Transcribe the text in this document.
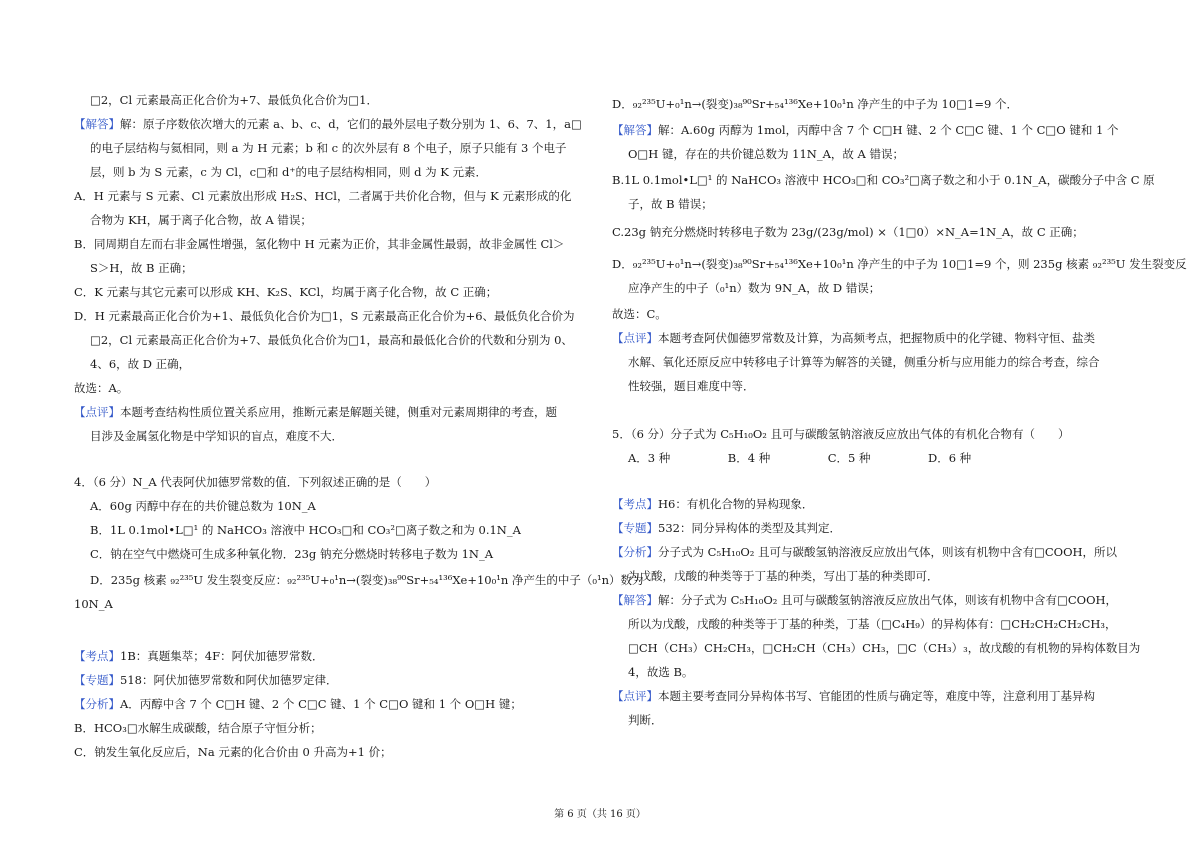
□2，Cl 元素最高正化合价为+7、最低负化合价为□1．
【解答】解：原子序数依次增大的元素 a、b、c、d，它们的最外层电子数分别为 1、6、7、1，a□
的电子层结构与氦相同，则 a 为 H 元素；b 和 c 的次外层有 8 个电子，原子只能有 3 个电子
层，则 b 为 S 元素，c 为 Cl，c□和 d⁺的电子层结构相同，则 d 为 K 元素．
A．H 元素与 S 元素、Cl 元素放出形成 H₂S、HCl，二者属于共价化合物，但与 K 元素形成的化
合物为 KH，属于离子化合物，故 A 错误；
B．同周期自左而右非金属性增强，氢化物中 H 元素为正价，其非金属性最弱，故非金属性 Cl＞
S＞H，故 B 正确；
C．K 元素与其它元素可以形成 KH、K₂S、KCl，均属于离子化合物，故 C 正确；
D．H 元素最高正化合价为+1、最低负化合价为□1，S 元素最高正化合价为+6、最低负化合价为
□2，Cl 元素最高正化合价为+7、最低负化合价为□1，最高和最低化合价的代数和分别为 0、
4、6，故 D 正确，
故选：A。
【点评】本题考查结构性质位置关系应用，推断元素是解题关键，侧重对元素周期律的考查，题
目涉及金属氢化物是中学知识的盲点，难度不大．
4．（6 分）N_A 代表阿伏加德罗常数的值．下列叙述正确的是（　　）
A．60g 丙醇中存在的共价键总数为 10N_A
B．1L 0.1mol•L□¹ 的 NaHCO₃ 溶液中 HCO₃□和 CO₃²□离子数之和为 0.1N_A
C．钠在空气中燃烧可生成多种氧化物．23g 钠充分燃烧时转移电子数为 1N_A
D．235g 核素 ₉₂²³⁵U 发生裂变反应：₉₂²³⁵U+₀¹n→(裂变)₃₈⁹⁰Sr+₅₄¹³⁶Xe+10₀¹n 净产生的中子（₀¹n）数为
10N_A
【考点】1B：真题集萃；4F：阿伏加德罗常数．
【专题】518：阿伏加德罗常数和阿伏加德罗定律．
【分析】A．丙醇中含 7 个 C□H 键、2 个 C□C 键、1 个 C□O 键和 1 个 O□H 键；
B．HCO₃□水解生成碳酸，结合原子守恒分析；
C．钠发生氧化反应后，Na 元素的化合价由 0 升高为+1 价；
D．₉₂²³⁵U+₀¹n→(裂变)₃₈⁹⁰Sr+₅₄¹³⁶Xe+10₀¹n 净产生的中子为 10□1=9 个．
【解答】解：A.60g 丙醇为 1mol，丙醇中含 7 个 C□H 键、2 个 C□C 键、1 个 C□O 键和 1 个
O□H 键，存在的共价键总数为 11N_A，故 A 错误；
B.1L 0.1mol•L□¹ 的 NaHCO₃ 溶液中 HCO₃□和 CO₃²□离子数之和小于 0.1N_A，碳酸分子中含 C 原
子，故 B 错误；
C.23g 钠充分燃烧时转移电子数为 23g/(23g/mol) ×（1□0）×N_A=1N_A，故 C 正确；
D．₉₂²³⁵U+₀¹n→(裂变)₃₈⁹⁰Sr+₅₄¹³⁶Xe+10₀¹n 净产生的中子为 10□1=9 个，则 235g 核素 ₉₂²³⁵U 发生裂变反
应净产生的中子（₀¹n）数为 9N_A，故 D 错误；
故选：C。
【点评】本题考查阿伏伽德罗常数及计算，为高频考点，把握物质中的化学键、物料守恒、盐类
水解、氧化还原反应中转移电子计算等为解答的关键，侧重分析与应用能力的综合考查，综合
性较强，题目难度中等．
5．（6 分）分子式为 C₅H₁₀O₂ 且可与碳酸氢钠溶液反应放出气体的有机化合物有（　　）
A．3 种　　　　　B．4 种　　　　　C．5 种　　　　　D．6 种
【考点】H6：有机化合物的异构现象．
【专题】532：同分异构体的类型及其判定．
【分析】分子式为 C₅H₁₀O₂ 且可与碳酸氢钠溶液反应放出气体，则该有机物中含有□COOH，所以
为戊酸，戊酸的种类等于丁基的种类，写出丁基的种类即可．
【解答】解：分子式为 C₅H₁₀O₂ 且可与碳酸氢钠溶液反应放出气体，则该有机物中含有□COOH，
所以为戊酸，戊酸的种类等于丁基的种类，丁基（□C₄H₉）的异构体有：□CH₂CH₂CH₂CH₃，
□CH（CH₃）CH₂CH₃，□CH₂CH（CH₃）CH₃，□C（CH₃）₃，故戊酸的有机物的异构体数目为
4，故选 B。
【点评】本题主要考查同分异构体书写、官能团的性质与确定等，难度中等，注意利用丁基异构
判断．
第 6 页（共 16 页）
